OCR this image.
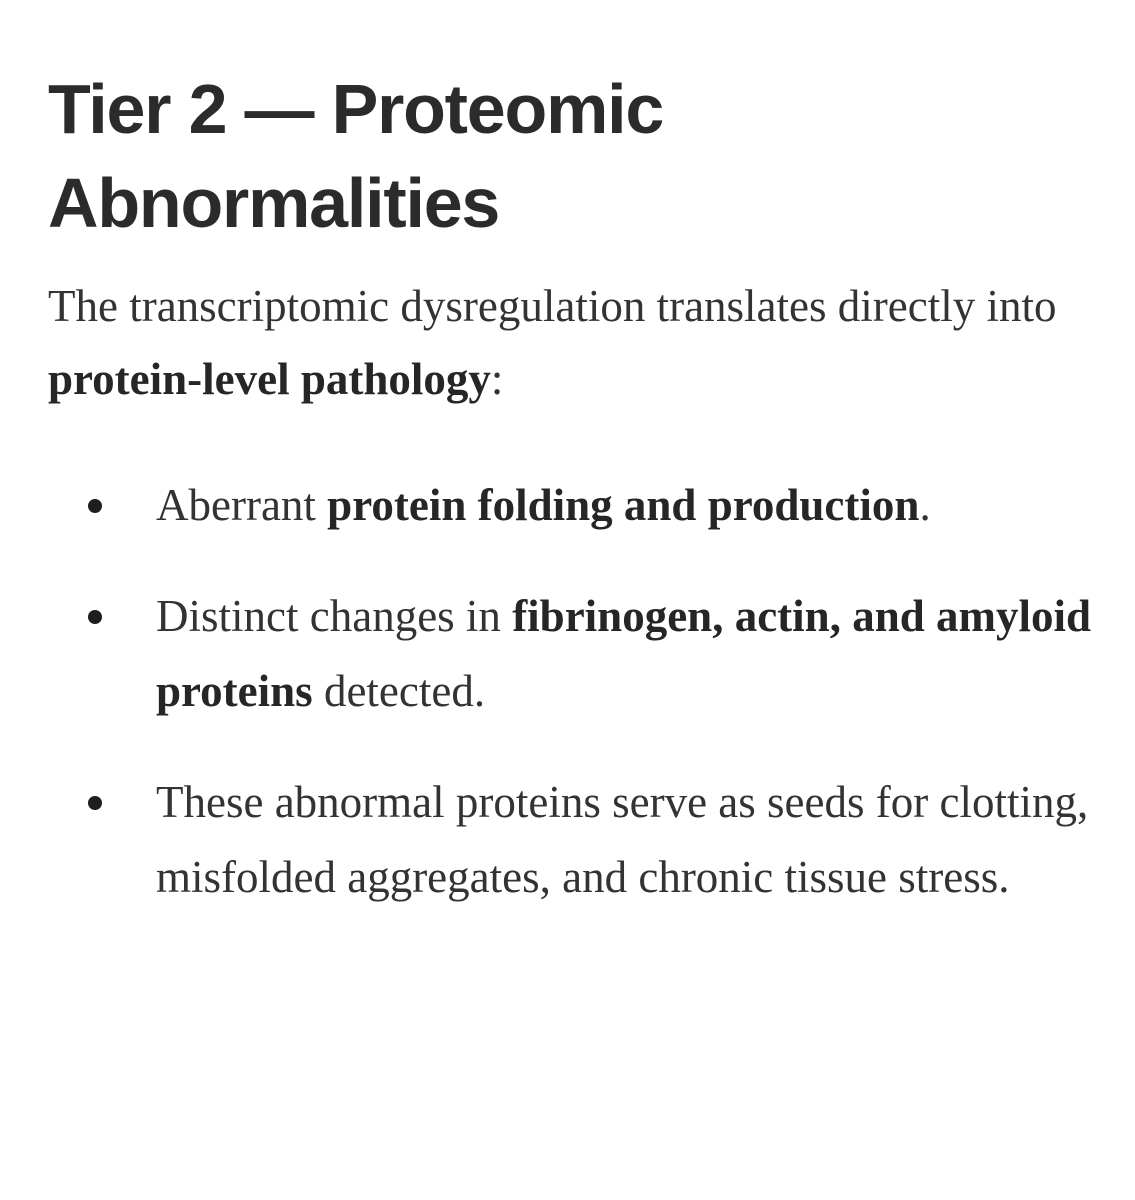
Tier 2 — Proteomic
Abnormalities

The transcriptomic dysregulation translates directly into protein-level pathology:

Aberrant protein folding and production.
Distinct changes in fibrinogen, actin, and amyloid proteins detected.
These abnormal proteins serve as seeds for clotting, misfolded aggregates, and chronic tissue stress.
